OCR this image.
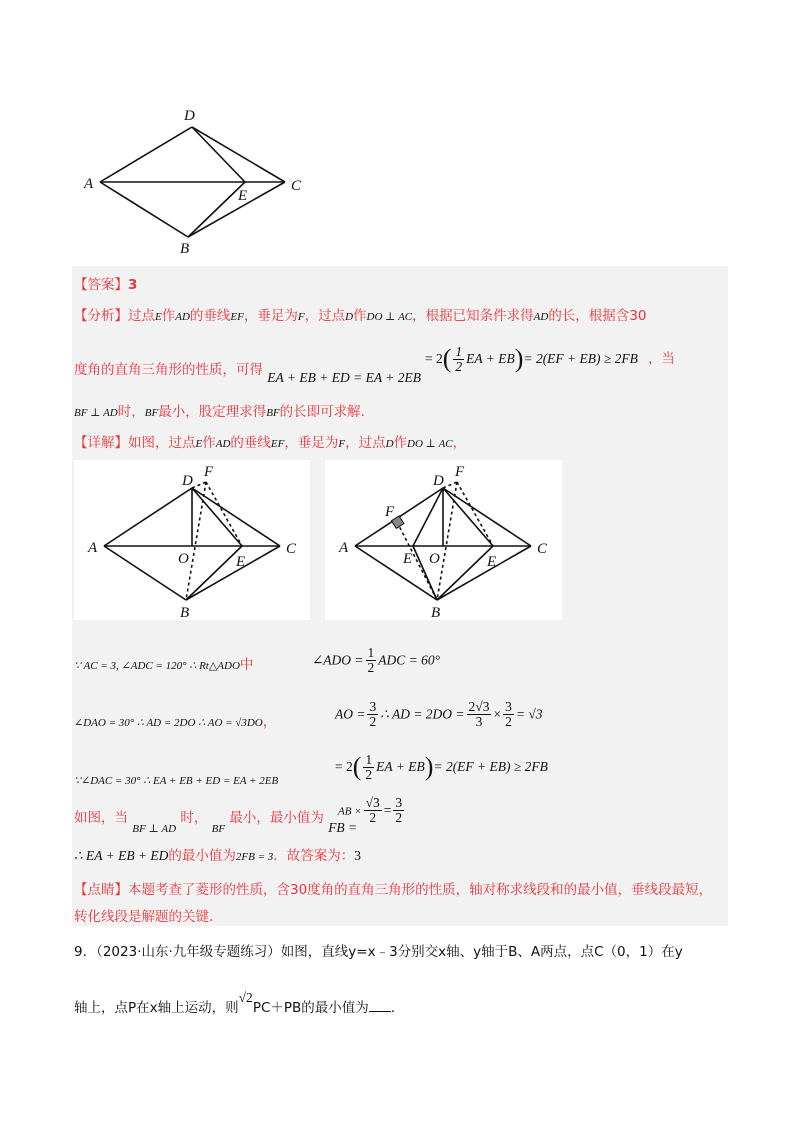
A
D
C
E
B
【答案】3
【分析】过点E作AD的垂线EF，垂足为F，过点D作DO ⊥ AC，根据已知条件求得AD的长，根据含30
度角的直角三角形的性质，可得 EA + EB + ED = EA + 2EB
= $2( \frac{1}{2}$ EA + EB)= 2(EF + EB) ≥ 2FB ，当
BF ⊥ AD时，BF最小，股定理求得BF的长即可求解.
【详解】如图，过点E作AD的垂线EF，垂足为F，过点D作DO ⊥ AC，
A
D
F
C
O	E
B
A
D
F
F
C
O
E	E
B
∵ AC = 3, ∠ADC = 120° ∴ Rt△ADO中	∠ADO = $\frac{1}{2}$ ADC = 60°
∠DAO = 30° ∴ AD = 2DO ∴ AO = √3DO，	AO = $\frac{3}{2}$ ∴ AD = $2DO = \frac{2√3}{3} \times \frac{3}{2} = √3$
∵∠DAC = 30° ∴ EA + EB + ED = EA + 2EB
= $2( \frac{1}{2}$ EA + EB)= 2(EF + EB) ≥ 2FB
如图，当 $_{BF \perp AD}$ 时， $_{BF}$ 最小，最小值为 FB =
AB × $\frac{√3}{2} = \frac{3}{2}$
∴ EA + EB + ED的最小值为2FB = 3．故答案为：3
【点睛】本题考查了菱形的性质，含30度角的直角三角形的性质，轴对称求线段和的最小值，垂线段最短，
转化线段是解题的关键.
9．（2023·山东·九年级专题练习）如图，直线y=x﹣3分别交x轴、y轴于B、A两点，点C（0，1）在y
轴上，点P在x轴上运动，则√2PC＋PB的最小值为 .
